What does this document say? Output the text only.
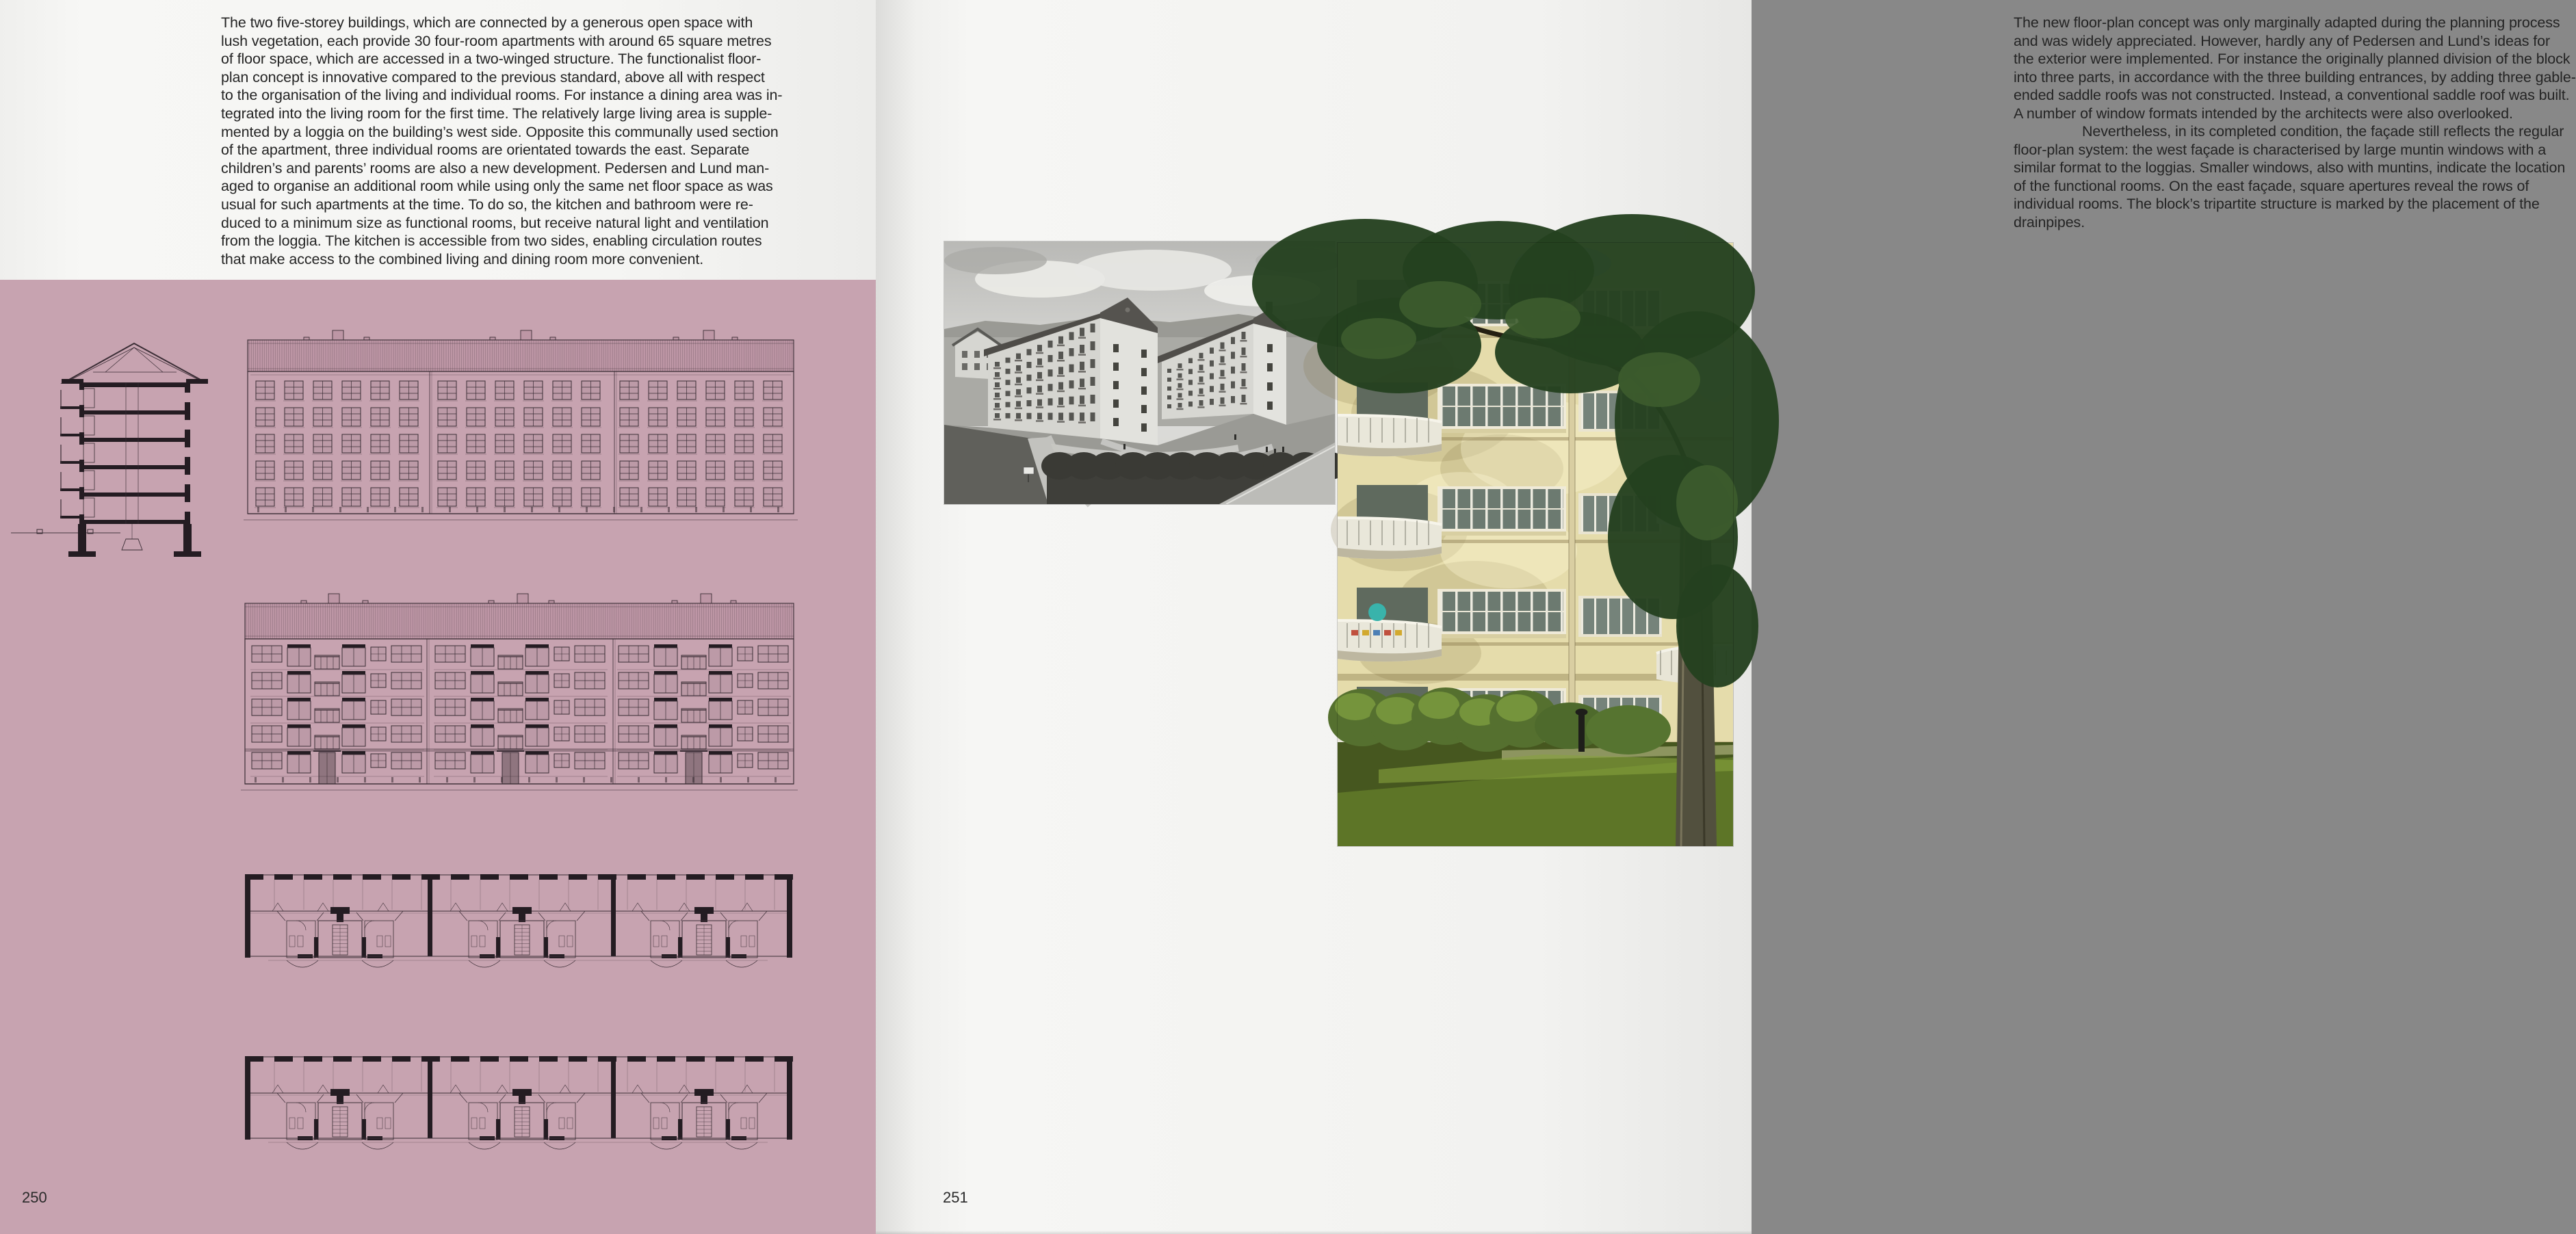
The two five-storey buildings, which are connected by a generous open space with
lush vegetation, each provide 30 four-room apartments with around 65 square metres
of floor space, which are accessed in a two-winged structure. The functionalist floor-
plan concept is innovative compared to the previous standard, above all with respect
to the organisation of the living and individual rooms. For instance a dining area was in-
tegrated into the living room for the first time. The relatively large living area is supple-
mented by a loggia on the building’s west side. Opposite this communally used section
of the apartment, three individual rooms are orientated towards the east. Separate
children’s and parents’ rooms are also a new development. Pedersen and Lund man-
aged to organise an additional room while using only the same net floor space as was
usual for such apartments at the time. To do so, the kitchen and bathroom were re-
duced to a minimum size as functional rooms, but receive natural light and ventilation
from the loggia. The kitchen is accessible from two sides, enabling circulation routes
that make access to the combined living and dining room more convenient.
250
The new floor-plan concept was only marginally adapted during the planning process
and was widely appreciated. However, hardly any of Pedersen and Lund’s ideas for
the exterior were implemented. For instance the originally planned division of the block
into three parts, in accordance with the three building entrances, by adding three gable-
ended saddle roofs was not constructed. Instead, a conventional saddle roof was built.
A number of window formats intended by the architects were also overlooked.
Nevertheless, in its completed condition, the façade still reflects the regular
floor-plan system: the west façade is characterised by large muntin windows with a
similar format to the loggias. Smaller windows, also with muntins, indicate the location
of the functional rooms. On the east façade, square apertures reveal the rows of
individual rooms. The block’s tripartite structure is marked by the placement of the
drainpipes.
251
